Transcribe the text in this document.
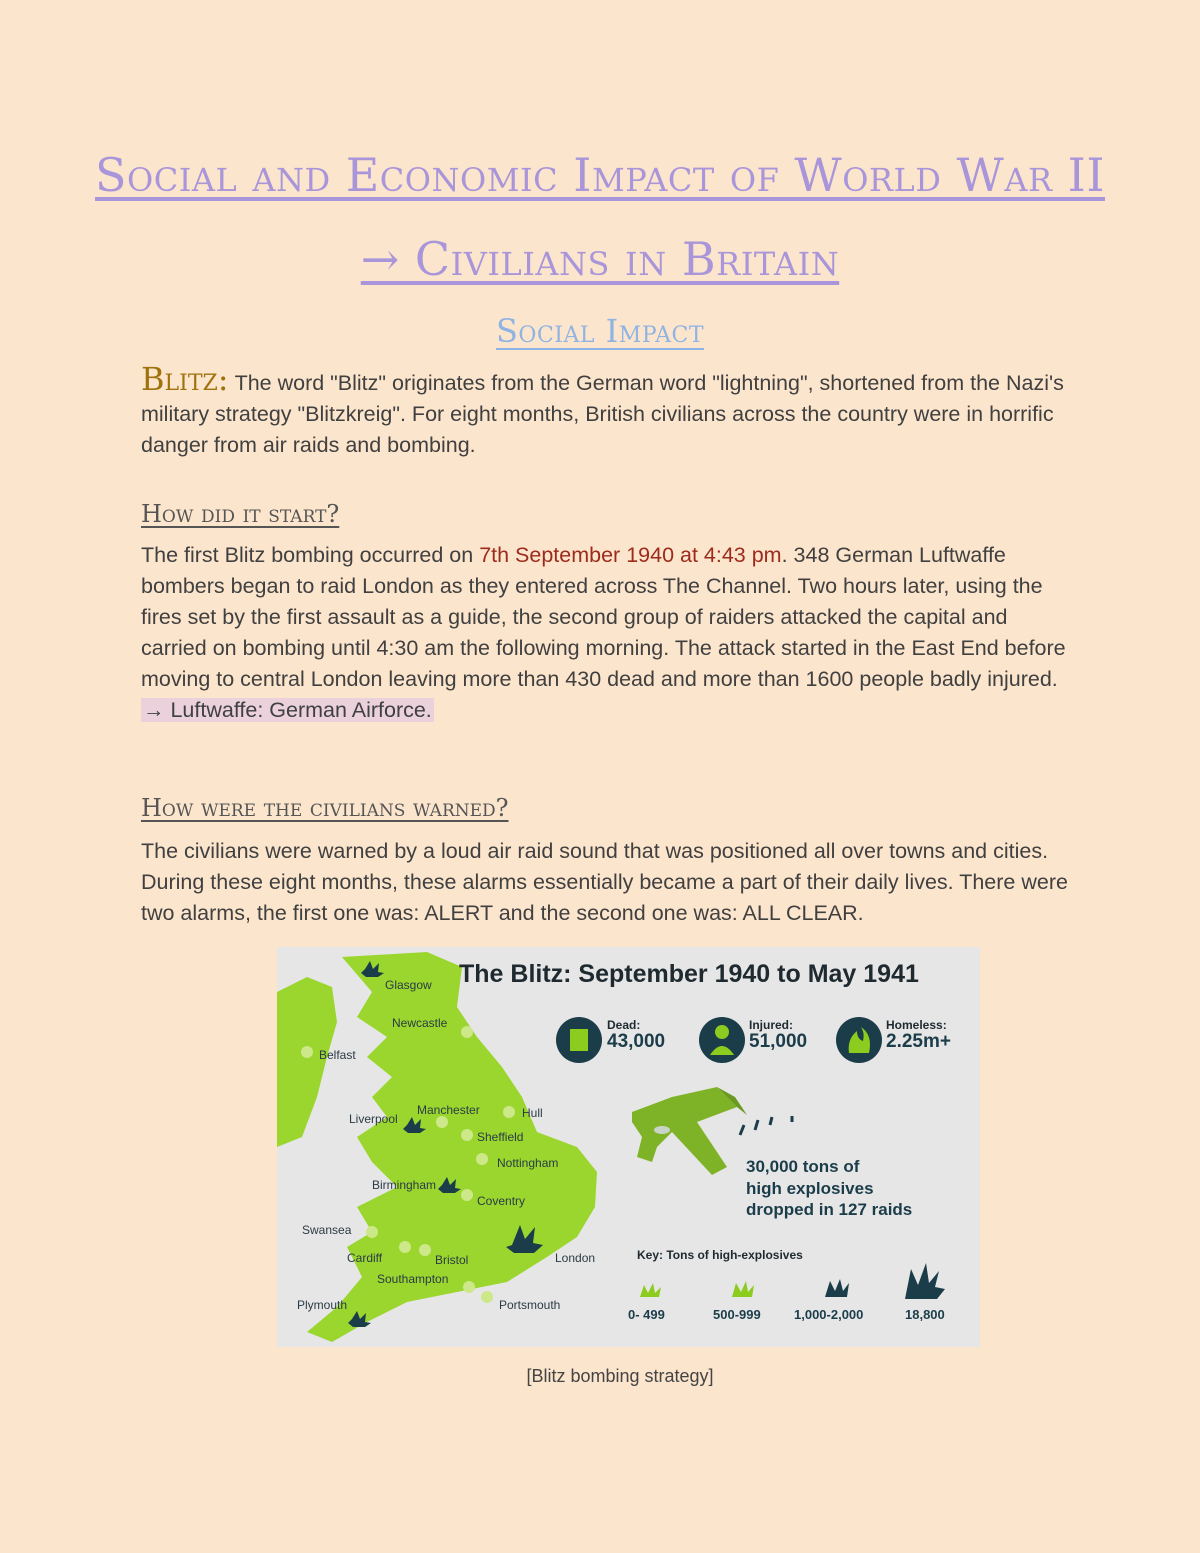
Social and Economic Impact of World War II
→ Civilians in Britain
Social Impact
Blitz: The word "Blitz" originates from the German word "lightning", shortened from the Nazi's military strategy "Blitzkreig". For eight months, British civilians across the country were in horrific danger from air raids and bombing.
How did it start?
The first Blitz bombing occurred on 7th September 1940 at 4:43 pm. 348 German Luftwaffe bombers began to raid London as they entered across The Channel. Two hours later, using the fires set by the first assault as a guide, the second group of raiders attacked the capital and carried on bombing until 4:30 am the following morning. The attack started in the East End before moving to central London leaving more than 430 dead and more than 1600 people badly injured.
→ Luftwaffe: German Airforce.
How were the civilians warned?
The civilians were warned by a loud air raid sound that was positioned all over towns and cities. During these eight months, these alarms essentially became a part of their daily lives. There were two alarms, the first one was: ALERT and the second one was: ALL CLEAR.
Glasgow
Newcastle
Belfast
Manchester	Hull
Liverpool
Sheffield
Nottingham
Birmingham
Coventry
Swansea
Cardiff	Bristol	London
Southampton
Plymouth	Portsmouth
The Blitz: September 1940 to May 1941
Dead:
43,000
Injured:
51,000
Homeless:
2.25m+
30,000 tons of
high explosives
dropped in 127 raids
Key: Tons of high-explosives
0- 499	500-999	1,000-2,000	18,800
[Blitz bombing strategy]
